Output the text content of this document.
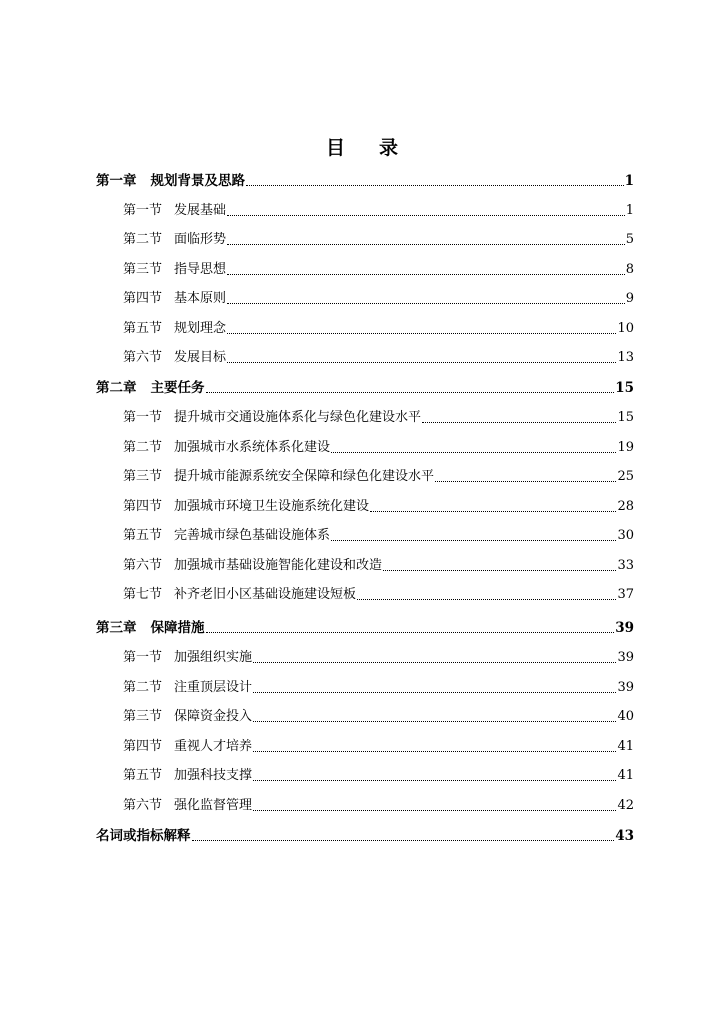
目 录
第一章 规划背景及思路	1
第一节 发展基础	1
第二节 面临形势	5
第三节 指导思想	8
第四节 基本原则	9
第五节 规划理念	10
第六节 发展目标	13
第二章 主要任务	15
第一节 提升城市交通设施体系化与绿色化建设水平	15
第二节 加强城市水系统体系化建设	19
第三节 提升城市能源系统安全保障和绿色化建设水平	25
第四节 加强城市环境卫生设施系统化建设	28
第五节 完善城市绿色基础设施体系	30
第六节 加强城市基础设施智能化建设和改造	33
第七节 补齐老旧小区基础设施建设短板	37
第三章 保障措施	39
第一节 加强组织实施	39
第二节 注重顶层设计	39
第三节 保障资金投入	40
第四节 重视人才培养	41
第五节 加强科技支撑	41
第六节 强化监督管理	42
名词或指标解释	43
